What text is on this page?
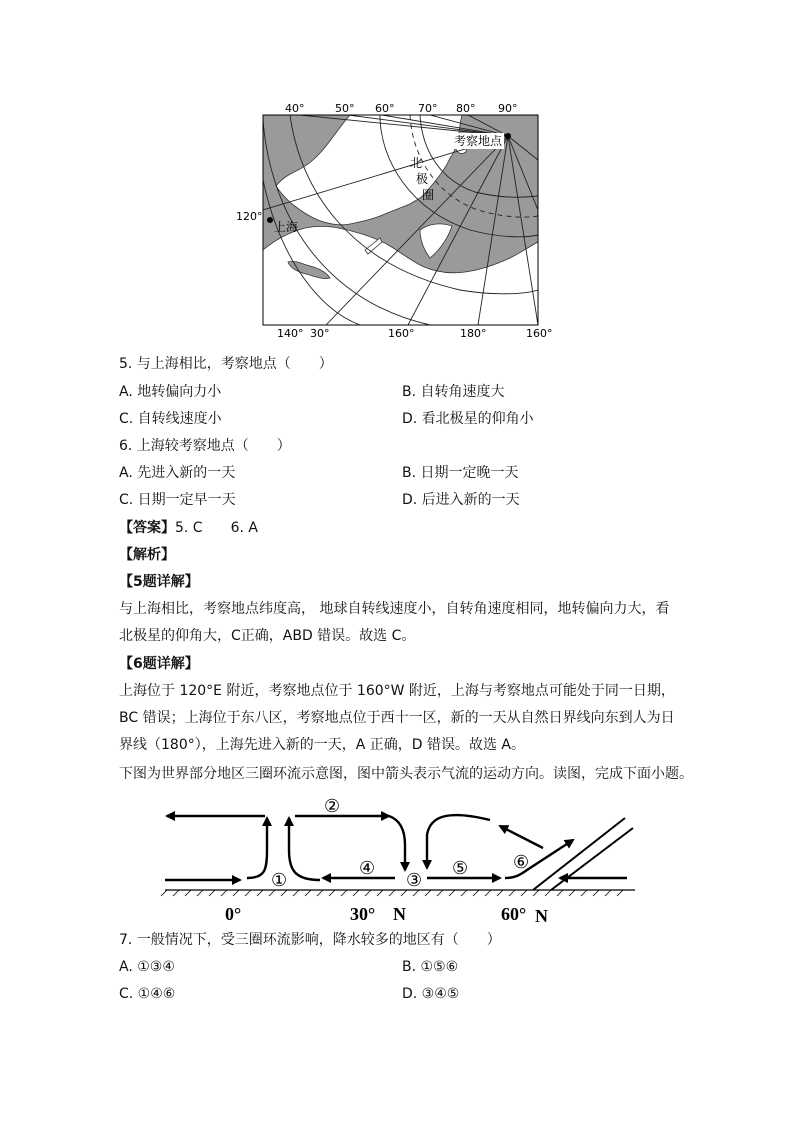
40°	50° 60° 70° 80° 90°
140° 30°	160°	180°	160°
120°
考察地点
上海
北
极
圈
5. 与上海相比，考察地点（　　）
A. 地转偏向力小	B. 自转角速度大
C. 自转线速度小	D. 看北极星的仰角小
6. 上海较考察地点（　　）
A. 先进入新的一天	B. 日期一定晚一天
C. 日期一定早一天	D. 后进入新的一天
【答案】5. C　　6. A
【解析】
【5题详解】
与上海相比，考察地点纬度高， 地球自转线速度小，自转角速度相同，地转偏向力大，看北极星的仰角大，C正确，ABD 错误。故选 C。
【6题详解】
上海位于 120°E 附近，考察地点位于 160°W 附近，上海与考察地点可能处于同一日期，BC 错误；上海位于东八区，考察地点位于西十一区，新的一天从自然日界线向东到人为日界线（180°），上海先进入新的一天，A 正确，D 错误。故选 A。
下图为世界部分地区三圈环流示意图，图中箭头表示气流的运动方向。读图，完成下面小题。
①
②
③
④	⑤ ⑥
0°	30° N	60° N
7. 一般情况下，受三圈环流影响，降水较多的地区有（　　）
A. ①③④	B. ①⑤⑥
C. ①④⑥	D. ③④⑤
